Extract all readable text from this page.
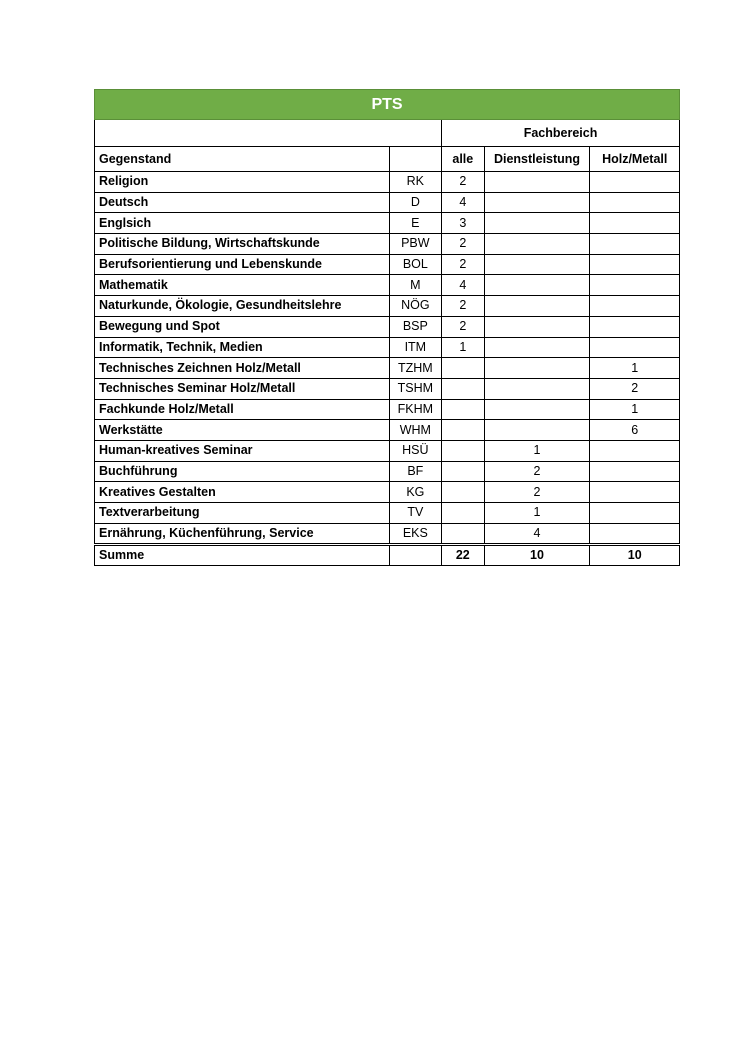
PTS				
		Fachbereich		
Gegenstand		alle	Dienstleistung	Holz/Metall
Religion	RK	2		
Deutsch	D	4		
Englsich	E	3		
Politische Bildung, Wirtschaftskunde	PBW	2		
Berufsorientierung und Lebenskunde	BOL	2		
Mathematik	M	4		
Naturkunde, Ökologie, Gesundheitslehre	NÖG	2		
Bewegung und Spot	BSP	2		
Informatik, Technik, Medien	ITM	1		
Technisches Zeichnen Holz/Metall	TZHM			1
Technisches Seminar Holz/Metall	TSHM			2
Fachkunde Holz/Metall	FKHM			1
Werkstätte	WHM			6
Human-kreatives Seminar	HSÜ		1	
Buchführung	BF		2	
Kreatives Gestalten	KG		2	
Textverarbeitung	TV		1	
Ernährung, Küchenführung, Service	EKS		4	
Summe		22	10	10
